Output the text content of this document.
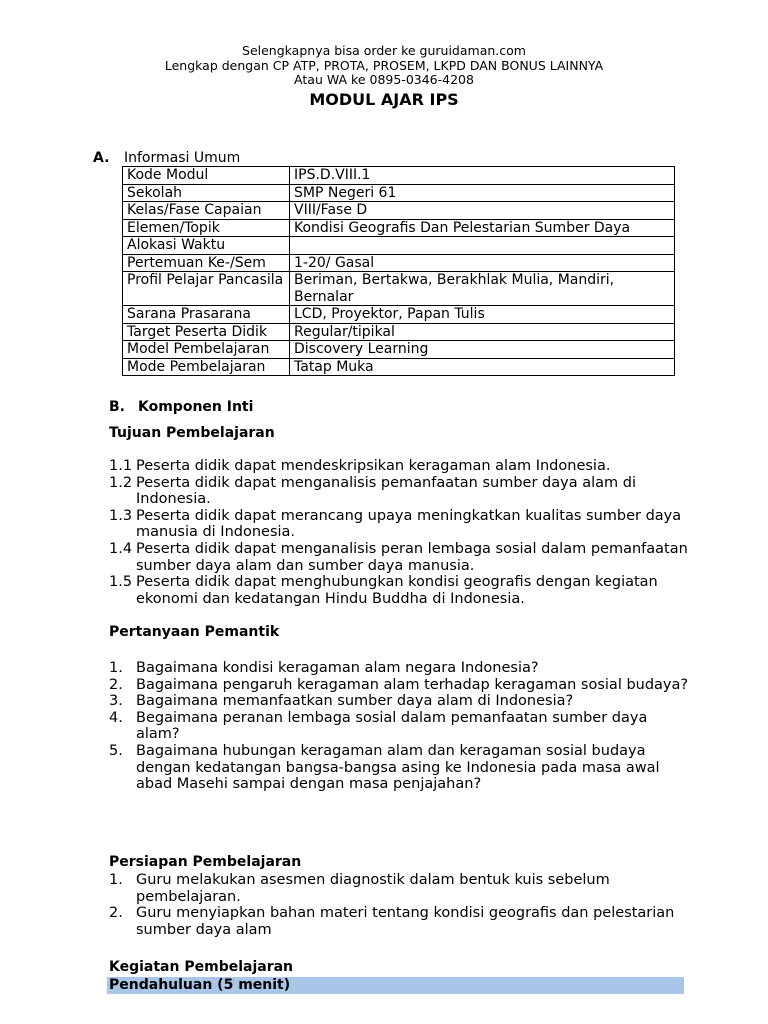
Selengkapnya bisa order ke guruidaman.com
Lengkap dengan CP ATP, PROTA, PROSEM, LKPD DAN BONUS LAINNYA
Atau WA ke 0895-0346-4208
MODUL AJAR IPS
A. Informasi Umum
Kode Modul	IPS.D.VIII.1
Sekolah	SMP Negeri 61
Kelas/Fase Capaian	VIII/Fase D
Elemen/Topik	Kondisi Geografis Dan Pelestarian Sumber Daya
Alokasi Waktu	
Pertemuan Ke-/Sem	1-20/ Gasal
Profil Pelajar Pancasila	Beriman, Bertakwa, Berakhlak Mulia, Mandiri, Bernalar
Sarana Prasarana	LCD, Proyektor, Papan Tulis
Target Peserta Didik	Regular/tipikal
Model Pembelajaran	Discovery Learning
Mode Pembelajaran	Tatap Muka
B. Komponen Inti
Tujuan Pembelajaran
1.1 Peserta didik dapat mendeskripsikan keragaman alam Indonesia.
1.2 Peserta didik dapat menganalisis pemanfaatan sumber daya alam di Indonesia.
1.3 Peserta didik dapat merancang upaya meningkatkan kualitas sumber daya manusia di Indonesia.
1.4 Peserta didik dapat menganalisis peran lembaga sosial dalam pemanfaatan sumber daya alam dan sumber daya manusia.
1.5 Peserta didik dapat menghubungkan kondisi geografis dengan kegiatan ekonomi dan kedatangan Hindu Buddha di Indonesia.
Pertanyaan Pemantik
1. Bagaimana kondisi keragaman alam negara Indonesia?
2. Bagaimana pengaruh keragaman alam terhadap keragaman sosial budaya?
3. Bagaimana memanfaatkan sumber daya alam di Indonesia?
4. Begaimana peranan lembaga sosial dalam pemanfaatan sumber daya alam?
5. Bagaimana hubungan keragaman alam dan keragaman sosial budaya dengan kedatangan bangsa-bangsa asing ke Indonesia pada masa awal abad Masehi sampai dengan masa penjajahan?
Persiapan Pembelajaran
1. Guru melakukan asesmen diagnostik dalam bentuk kuis sebelum pembelajaran.
2. Guru menyiapkan bahan materi tentang kondisi geografis dan pelestarian sumber daya alam
Kegiatan Pembelajaran
Pendahuluan (5 menit)
